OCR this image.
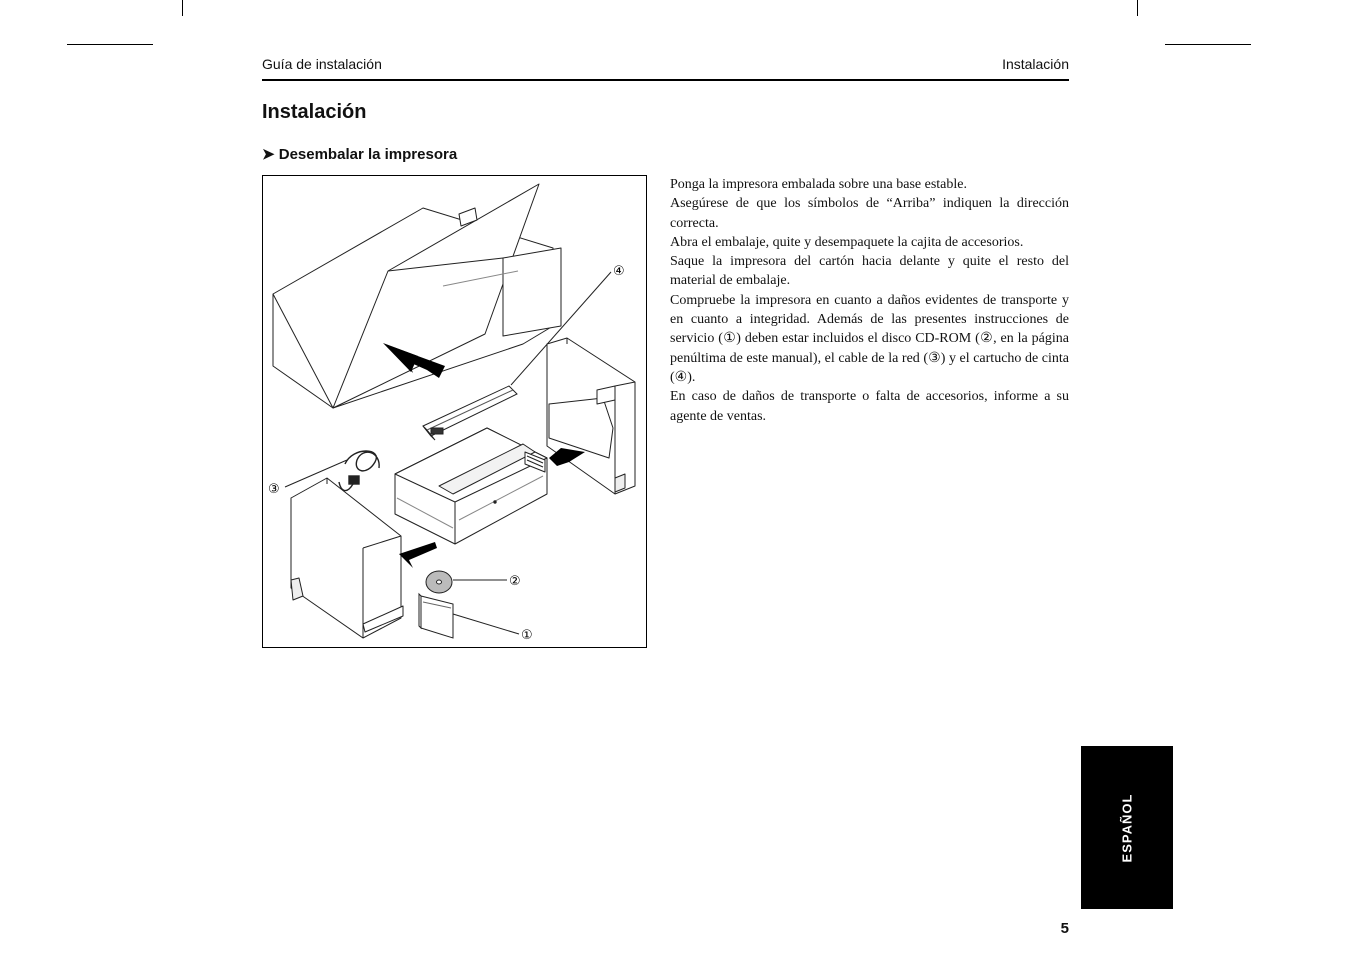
Guía de instalación	Instalación
Instalación
➤ Desembalar la impresora
④
③
②
①

Ponga la impresora embalada sobre una base estable.

Asegúrese de que los símbolos de “Arriba” indiquen la dirección correcta.

Abra el embalaje, quite y desempaquete la cajita de accesorios.

Saque la impresora del cartón hacia delante y quite el resto del material de embalaje.

Compruebe la impresora en cuanto a daños evidentes de transporte y en cuanto a integridad. Además de las presentes instrucciones de servicio (①) deben estar incluidos el disco CD-ROM (②, en la página penúltima de este manual), el cable de la red (③) y el cartucho de cinta (④).

En caso de daños de transporte o falta de accesorios, informe a su agente de ventas.

ESPAÑOL
5
